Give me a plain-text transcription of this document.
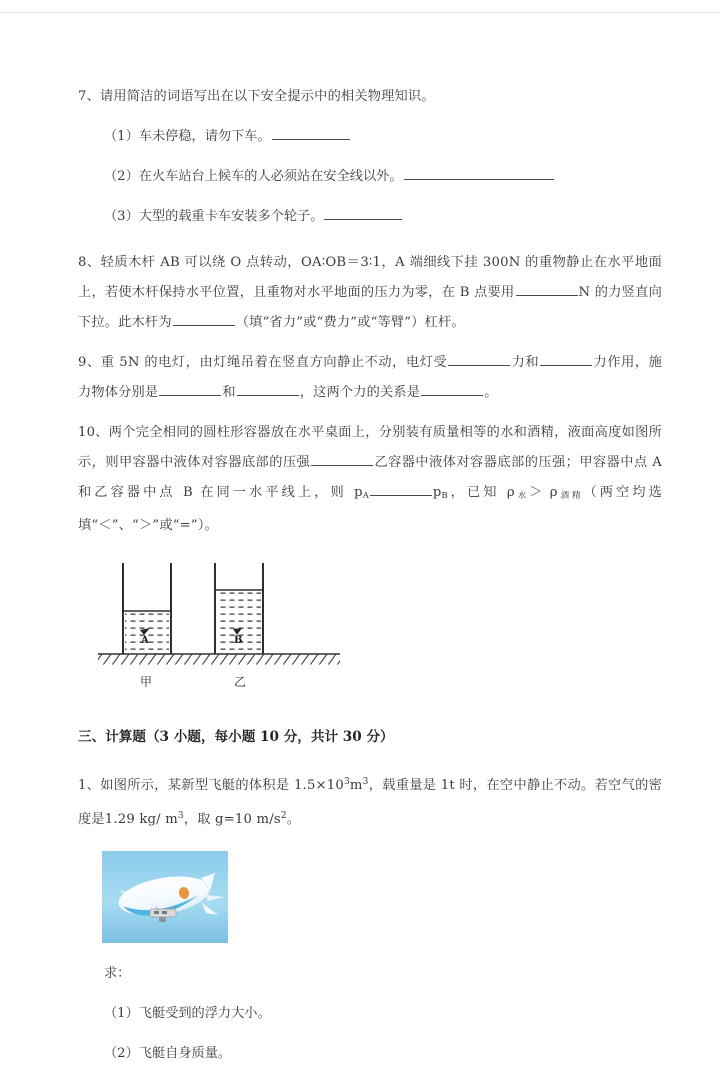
7、请用简洁的词语写出在以下安全提示中的相关物理知识。
（1）车未停稳，请勿下车。
（2）在火车站台上候车的人必须站在安全线以外。
（3）大型的载重卡车安装多个轮子。
8、轻质木杆 AB 可以绕 O 点转动，OA∶OB＝3∶1，A 端细线下挂 300N 的重物静止在水平地面上，若使木杆保持水平位置，且重物对水平地面的压力为零，在 B 点要用	N 的力竖直向下拉。此木杆为	（填“省力”或“费力”或“等臂”）杠杆。
9、重 5N 的电灯，由灯绳吊着在竖直方向静止不动，电灯受	力和	力作用，施力物体分别是	和	，这两个力的关系是	。
10、两个完全相同的圆柱形容器放在水平桌面上，分别装有质量相等的水和酒精，液面高度如图所示，则甲容器中液体对容器底部的压强	乙容器中液体对容器底部的压强；甲容器中点 A 和乙容器中点 B 在同一水平线上，则 pA	pB，已知 ρ水＞ ρ酒精（两空均选填“＜”、“＞”或“=”）。
A	B
甲	乙
三、计算题（3 小题，每小题 10 分，共计 30 分）
1、如图所示，某新型飞艇的体积是 $1.5\times 10^3m^3$，载重量是 1t 时，在空中静止不动。若空气的密度是1.29 kg/ $m^3$，取 g=10 $m/s^2$。
求：
（1）飞艇受到的浮力大小。
（2）飞艇自身质量。
